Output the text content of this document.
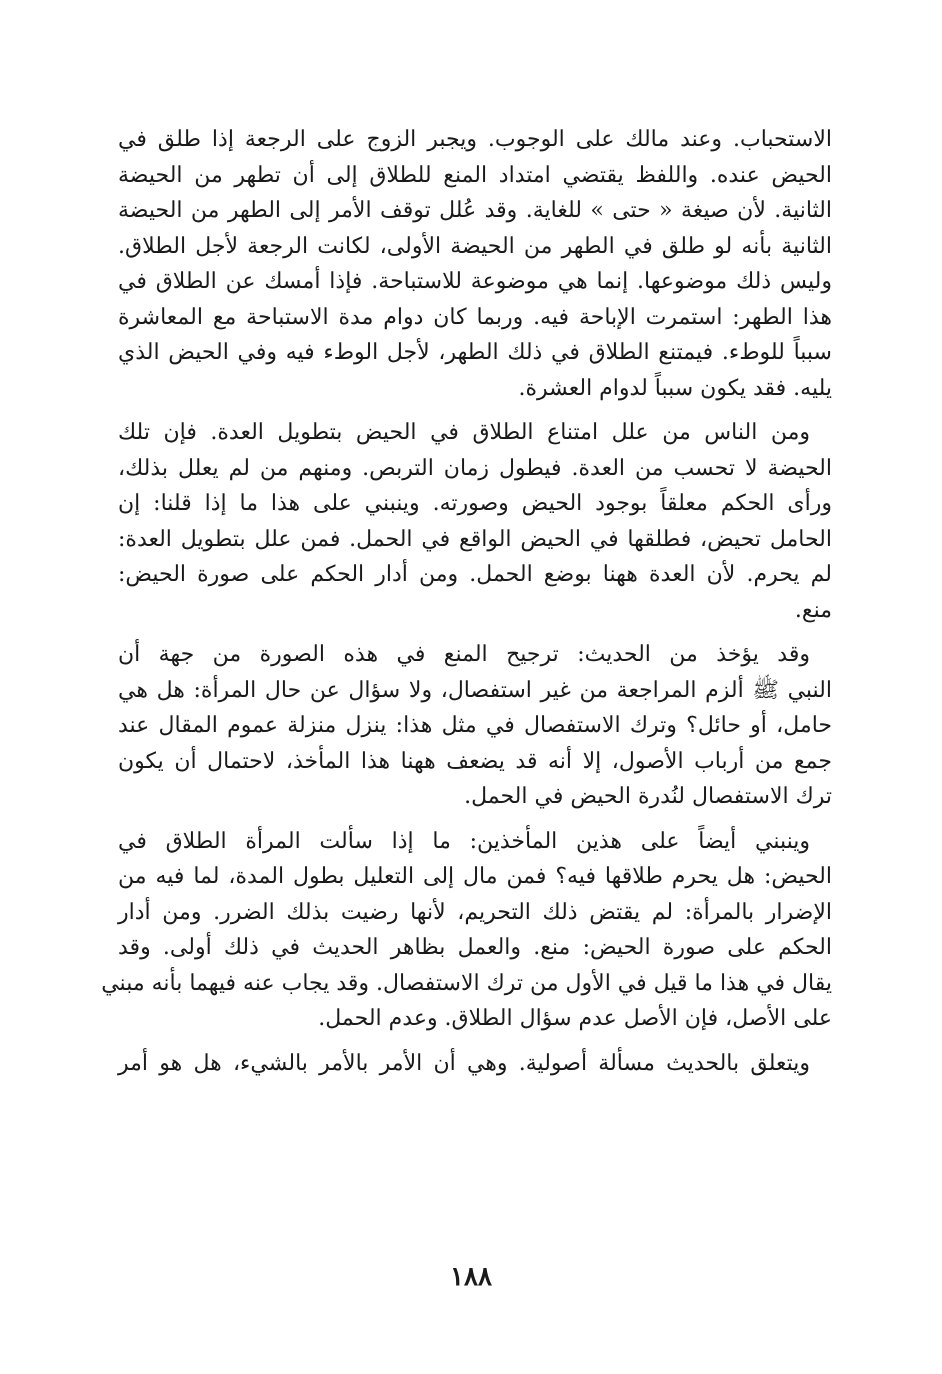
الاستحباب. وعند مالك على الوجوب. ويجبر الزوج على الرجعة إذا طلق في
الحيض عنده. واللفظ يقتضي امتداد المنع للطلاق إلى أن تطهر من الحيضة
الثانية. لأن صيغة « حتى » للغاية. وقد عُلل توقف الأمر إلى الطهر من الحيضة
الثانية بأنه لو طلق في الطهر من الحيضة الأولى، لكانت الرجعة لأجل الطلاق.
وليس ذلك موضوعها. إنما هي موضوعة للاستباحة. فإذا أمسك عن الطلاق في
هذا الطهر: استمرت الإباحة فيه. وربما كان دوام مدة الاستباحة مع المعاشرة
سبباً للوطء. فيمتنع الطلاق في ذلك الطهر، لأجل الوطء فيه وفي الحيض الذي
يليه. فقد يكون سبباً لدوام العشرة.
ومن الناس من علل امتناع الطلاق في الحيض بتطويل العدة. فإن تلك
الحيضة لا تحسب من العدة. فيطول زمان التربص. ومنهم من لم يعلل بذلك،
ورأى الحكم معلقاً بوجود الحيض وصورته. وينبني على هذا ما إذا قلنا: إن
الحامل تحيض، فطلقها في الحيض الواقع في الحمل. فمن علل بتطويل العدة:
لم يحرم. لأن العدة ههنا بوضع الحمل. ومن أدار الحكم على صورة الحيض:
منع.
وقد يؤخذ من الحديث: ترجيح المنع في هذه الصورة من جهة أن
النبي ﷺ ألزم المراجعة من غير استفصال، ولا سؤال عن حال المرأة: هل هي
حامل، أو حائل؟ وترك الاستفصال في مثل هذا: ينزل منزلة عموم المقال عند
جمع من أرباب الأصول، إلا أنه قد يضعف ههنا هذا المأخذ، لاحتمال أن يكون
ترك الاستفصال لنُدرة الحيض في الحمل.
وينبني أيضاً على هذين المأخذين: ما إذا سألت المرأة الطلاق في
الحيض: هل يحرم طلاقها فيه؟ فمن مال إلى التعليل بطول المدة، لما فيه من
الإضرار بالمرأة: لم يقتض ذلك التحريم، لأنها رضيت بذلك الضرر. ومن أدار
الحكم على صورة الحيض: منع. والعمل بظاهر الحديث في ذلك أولى. وقد
يقال في هذا ما قيل في الأول من ترك الاستفصال. وقد يجاب عنه فيهما بأنه مبني
على الأصل، فإن الأصل عدم سؤال الطلاق. وعدم الحمل.
ويتعلق بالحديث مسألة أصولية. وهي أن الأمر بالأمر بالشيء، هل هو أمر
١٨٨
